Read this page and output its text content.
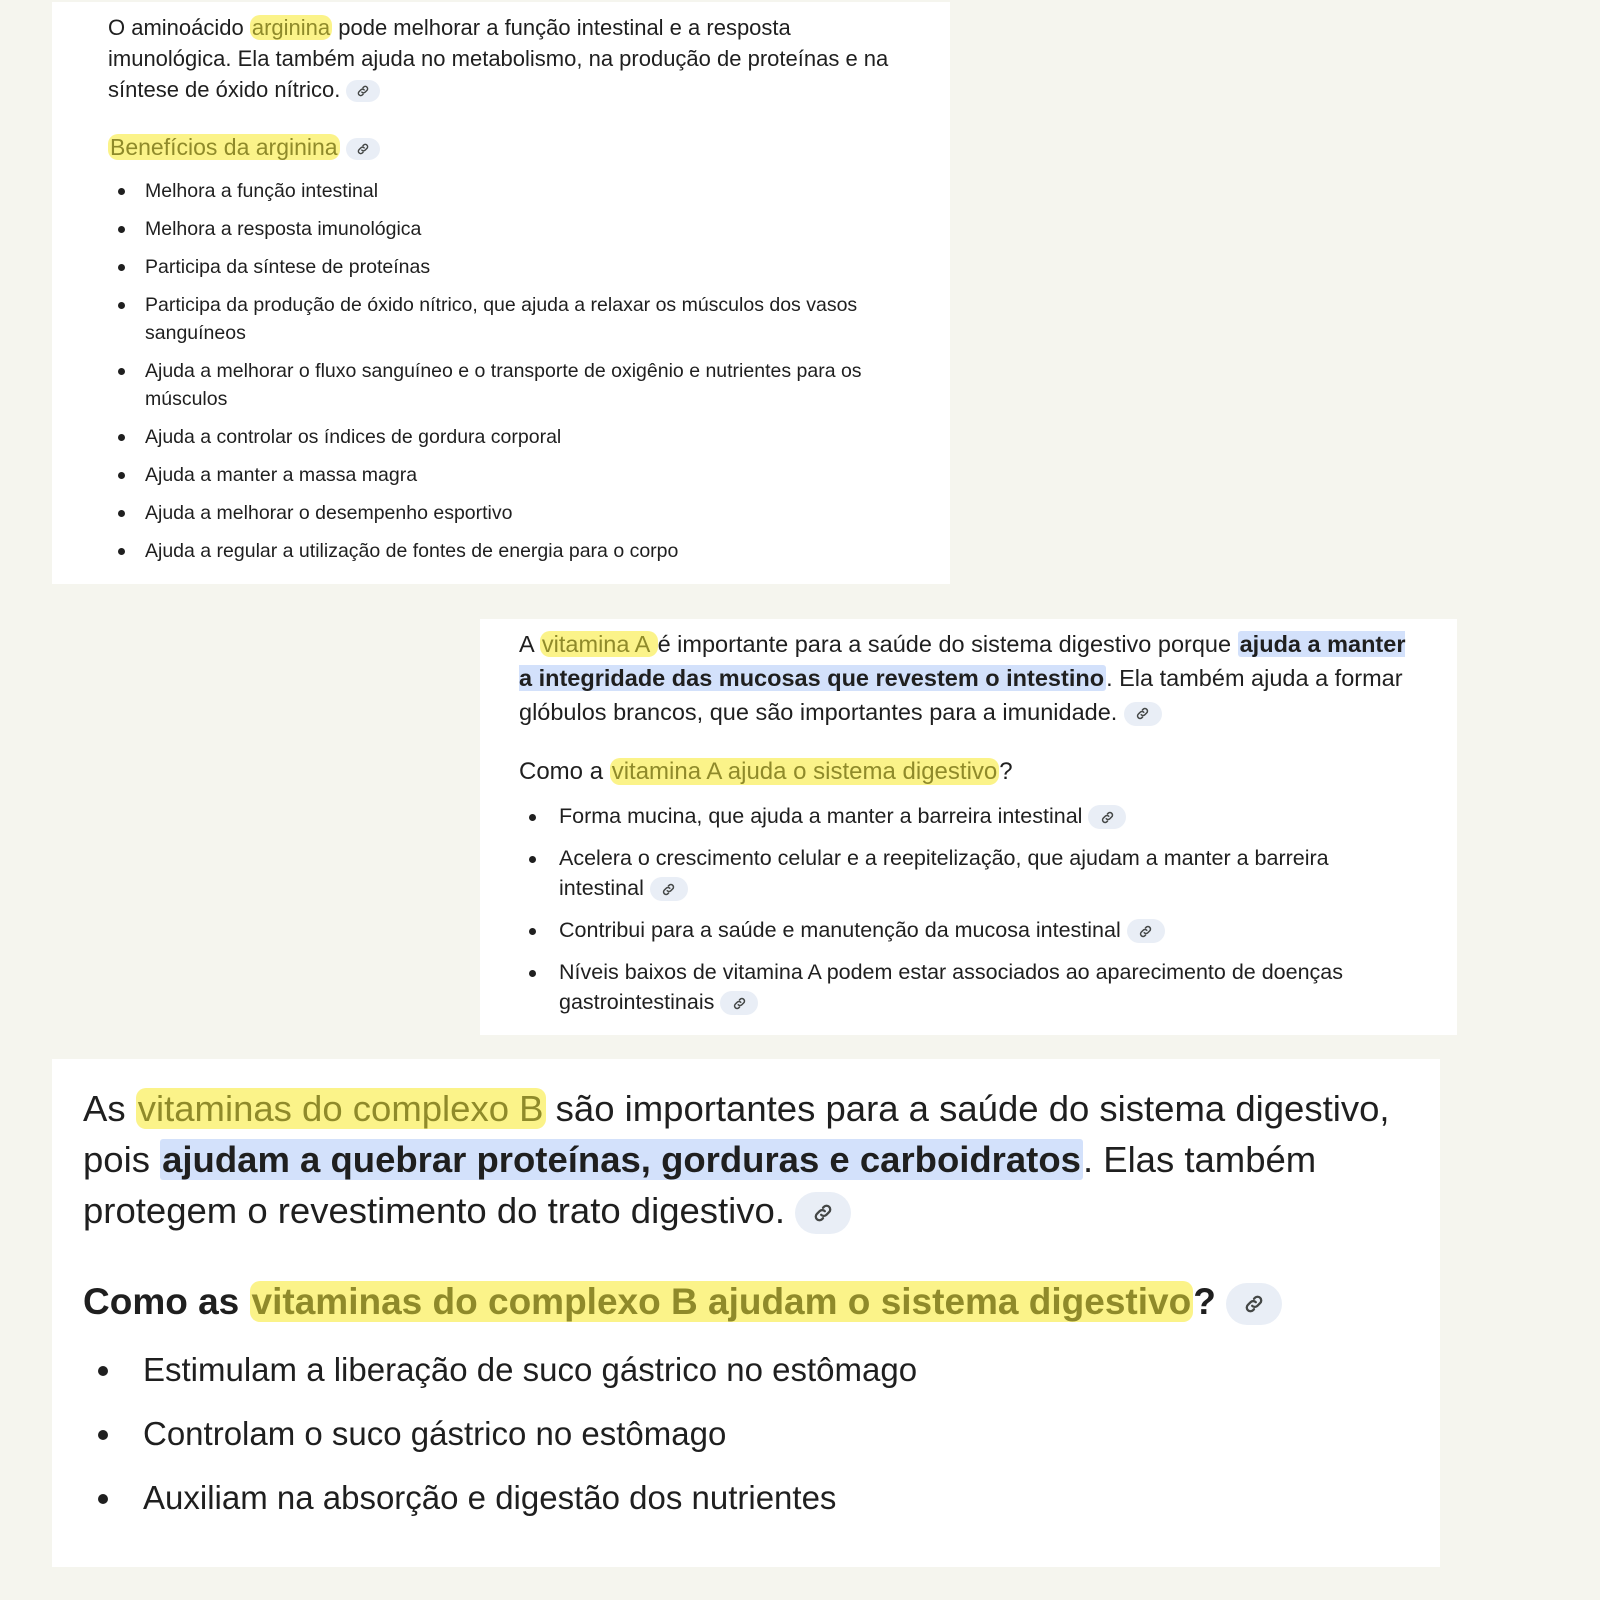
O aminoácido arginina pode melhorar a função intestinal e a resposta imunológica. Ela também ajuda no metabolismo, na produção de proteínas e na síntese de óxido nítrico.

Benefícios da arginina

Melhora a função intestinal
Melhora a resposta imunológica
Participa da síntese de proteínas
Participa da produção de óxido nítrico, que ajuda a relaxar os músculos dos vasos sanguíneos
Ajuda a melhorar o fluxo sanguíneo e o transporte de oxigênio e nutrientes para os músculos
Ajuda a controlar os índices de gordura corporal
Ajuda a manter a massa magra
Ajuda a melhorar o desempenho esportivo
Ajuda a regular a utilização de fontes de energia para o corpo

A vitamina A é importante para a saúde do sistema digestivo porque ajuda a manter a integridade das mucosas que revestem o intestino. Ela também ajuda a formar glóbulos brancos, que são importantes para a imunidade.

Como a vitamina A ajuda o sistema digestivo?

Forma mucina, que ajuda a manter a barreira intestinal
Acelera o crescimento celular e a reepitelização, que ajudam a manter a barreira intestinal
Contribui para a saúde e manutenção da mucosa intestinal
Níveis baixos de vitamina A podem estar associados ao aparecimento de doenças gastrointestinais

As vitaminas do complexo B são importantes para a saúde do sistema digestivo, pois ajudam a quebrar proteínas, gorduras e carboidratos. Elas também protegem o revestimento do trato digestivo.

Como as vitaminas do complexo B ajudam o sistema digestivo?

Estimulam a liberação de suco gástrico no estômago
Controlam o suco gástrico no estômago
Auxiliam na absorção e digestão dos nutrientes
